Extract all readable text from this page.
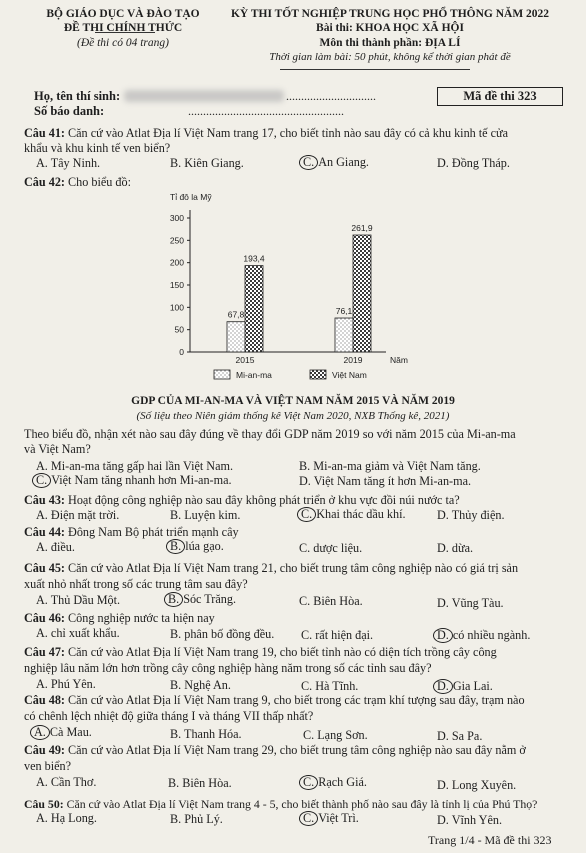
BỘ GIÁO DỤC VÀ ĐÀO TẠO
ĐỀ THI CHÍNH THỨC
(Đề thi có 04 trang)
KỲ THI TỐT NGHIỆP TRUNG HỌC PHỔ THÔNG NĂM 2022
Bài thi: KHOA HỌC XÃ HỘI
Môn thi thành phần: ĐỊA LÍ
Thời gian làm bài: 50 phút, không kể thời gian phát đề
Họ, tên thí sinh:	..............................
Số báo danh:	....................................................
Mã đề thi 323
Câu 41: Căn cứ vào Atlat Địa lí Việt Nam trang 17, cho biết tỉnh nào sau đây có cả khu kinh tế cửa
khẩu và khu kinh tế ven biển?
A. Tây Ninh.	B. Kiên Giang.	C. An Giang.	D. Đồng Tháp.
Câu 42: Cho biểu đồ:
Tỉ đô la Mỹ
0
50
100
150
200
250
300
Năm
67,8
193,4
2015
76,1
261,9
2019
Mi-an-ma	Việt Nam
GDP CỦA MI-AN-MA VÀ VIỆT NAM NĂM 2015 VÀ NĂM 2019
(Số liệu theo Niên giám thống kê Việt Nam 2020, NXB Thống kê, 2021)
Theo biểu đồ, nhận xét nào sau đây đúng về thay đổi GDP năm 2019 so với năm 2015 của Mi-an-ma
và Việt Nam?
A. Mi-an-ma tăng gấp hai lần Việt Nam.	B. Mi-an-ma giảm và Việt Nam tăng.
C. Việt Nam tăng nhanh hơn Mi-an-ma.	D. Việt Nam tăng ít hơn Mi-an-ma.
Câu 43: Hoạt động công nghiệp nào sau đây không phát triển ở khu vực đồi núi nước ta?
A. Điện mặt trời.	B. Luyện kim.	C. Khai thác dầu khí.	D. Thủy điện.
Câu 44: Đông Nam Bộ phát triển mạnh cây
A. điều.	B. lúa gạo.	C. dược liệu.	D. dừa.
Câu 45: Căn cứ vào Atlat Địa lí Việt Nam trang 21, cho biết trung tâm công nghiệp nào có giá trị sản
xuất nhỏ nhất trong số các trung tâm sau đây?
A. Thủ Dầu Một.	B. Sóc Trăng.	C. Biên Hòa.	D. Vũng Tàu.
Câu 46: Công nghiệp nước ta hiện nay
A. chỉ xuất khẩu.	B. phân bố đồng đều. C. rất hiện đại.	D. có nhiều ngành.
Câu 47: Căn cứ vào Atlat Địa lí Việt Nam trang 19, cho biết tỉnh nào có diện tích trồng cây công
nghiệp lâu năm lớn hơn trồng cây công nghiệp hàng năm trong số các tỉnh sau đây?
A. Phú Yên.	B. Nghệ An.	C. Hà Tĩnh.	D. Gia Lai.
Câu 48: Căn cứ vào Atlat Địa lí Việt Nam trang 9, cho biết trong các trạm khí tượng sau đây, trạm nào
có chênh lệch nhiệt độ giữa tháng I và tháng VII thấp nhất?
A. Cà Mau.	B. Thanh Hóa.	C. Lạng Sơn.	D. Sa Pa.
Câu 49: Căn cứ vào Atlat Địa lí Việt Nam trang 29, cho biết trung tâm công nghiệp nào sau đây nằm ở
ven biển?
A. Cần Thơ.	B. Biên Hòa.	C. Rạch Giá.	D. Long Xuyên.
Câu 50: Căn cứ vào Atlat Địa lí Việt Nam trang 4 - 5, cho biết thành phố nào sau đây là tỉnh lị của Phú Thọ?
A. Hạ Long.	B. Phủ Lý.	C. Việt Trì.	D. Vĩnh Yên.
Trang 1/4 - Mã đề thi 323
